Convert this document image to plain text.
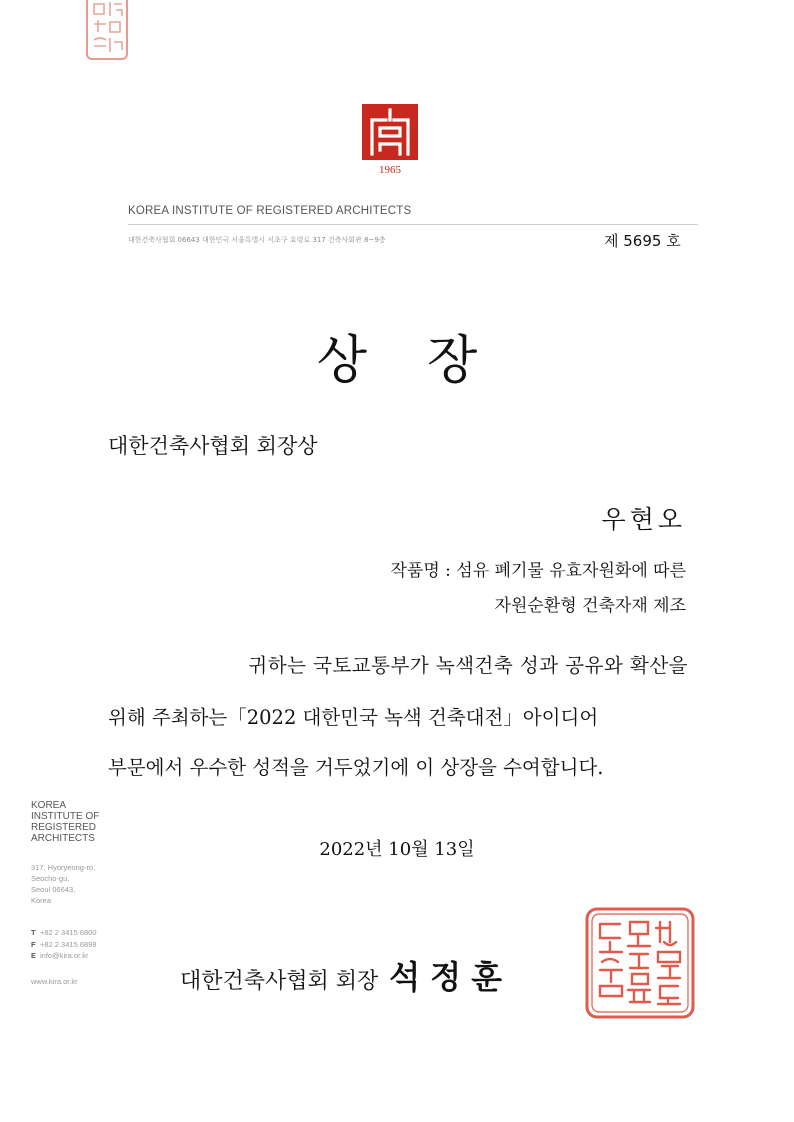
1965
KOREA INSTITUTE OF REGISTERED ARCHITECTS
대한건축사협회 06643 대한민국 서울특별시 서초구 효령로 317 건축사회관 8~9층	제 5695 호
상장
대한건축사협회 회장상
우현오
작품명 : 섬유 폐기물 유효자원화에 따른
자원순환형 건축자재 제조
귀하는 국토교통부가 녹색건축 성과 공유와 확산을
위해 주최하는「2022 대한민국 녹색 건축대전」아이디어
부문에서 우수한 성적을 거두었기에 이 상장을 수여합니다.
2022년 10월 13일
대한건축사협회 회장 석정훈
KOREA
INSTITUTE OF
REGISTERED
ARCHITECTS
317, Hyoryeong-ro,
Seocho-gu,
Seoul 06643,
Korea
T +82 2 3415 6800
F +82 2 3415 6898
E info@kira.or.kr
www.kira.or.kr
